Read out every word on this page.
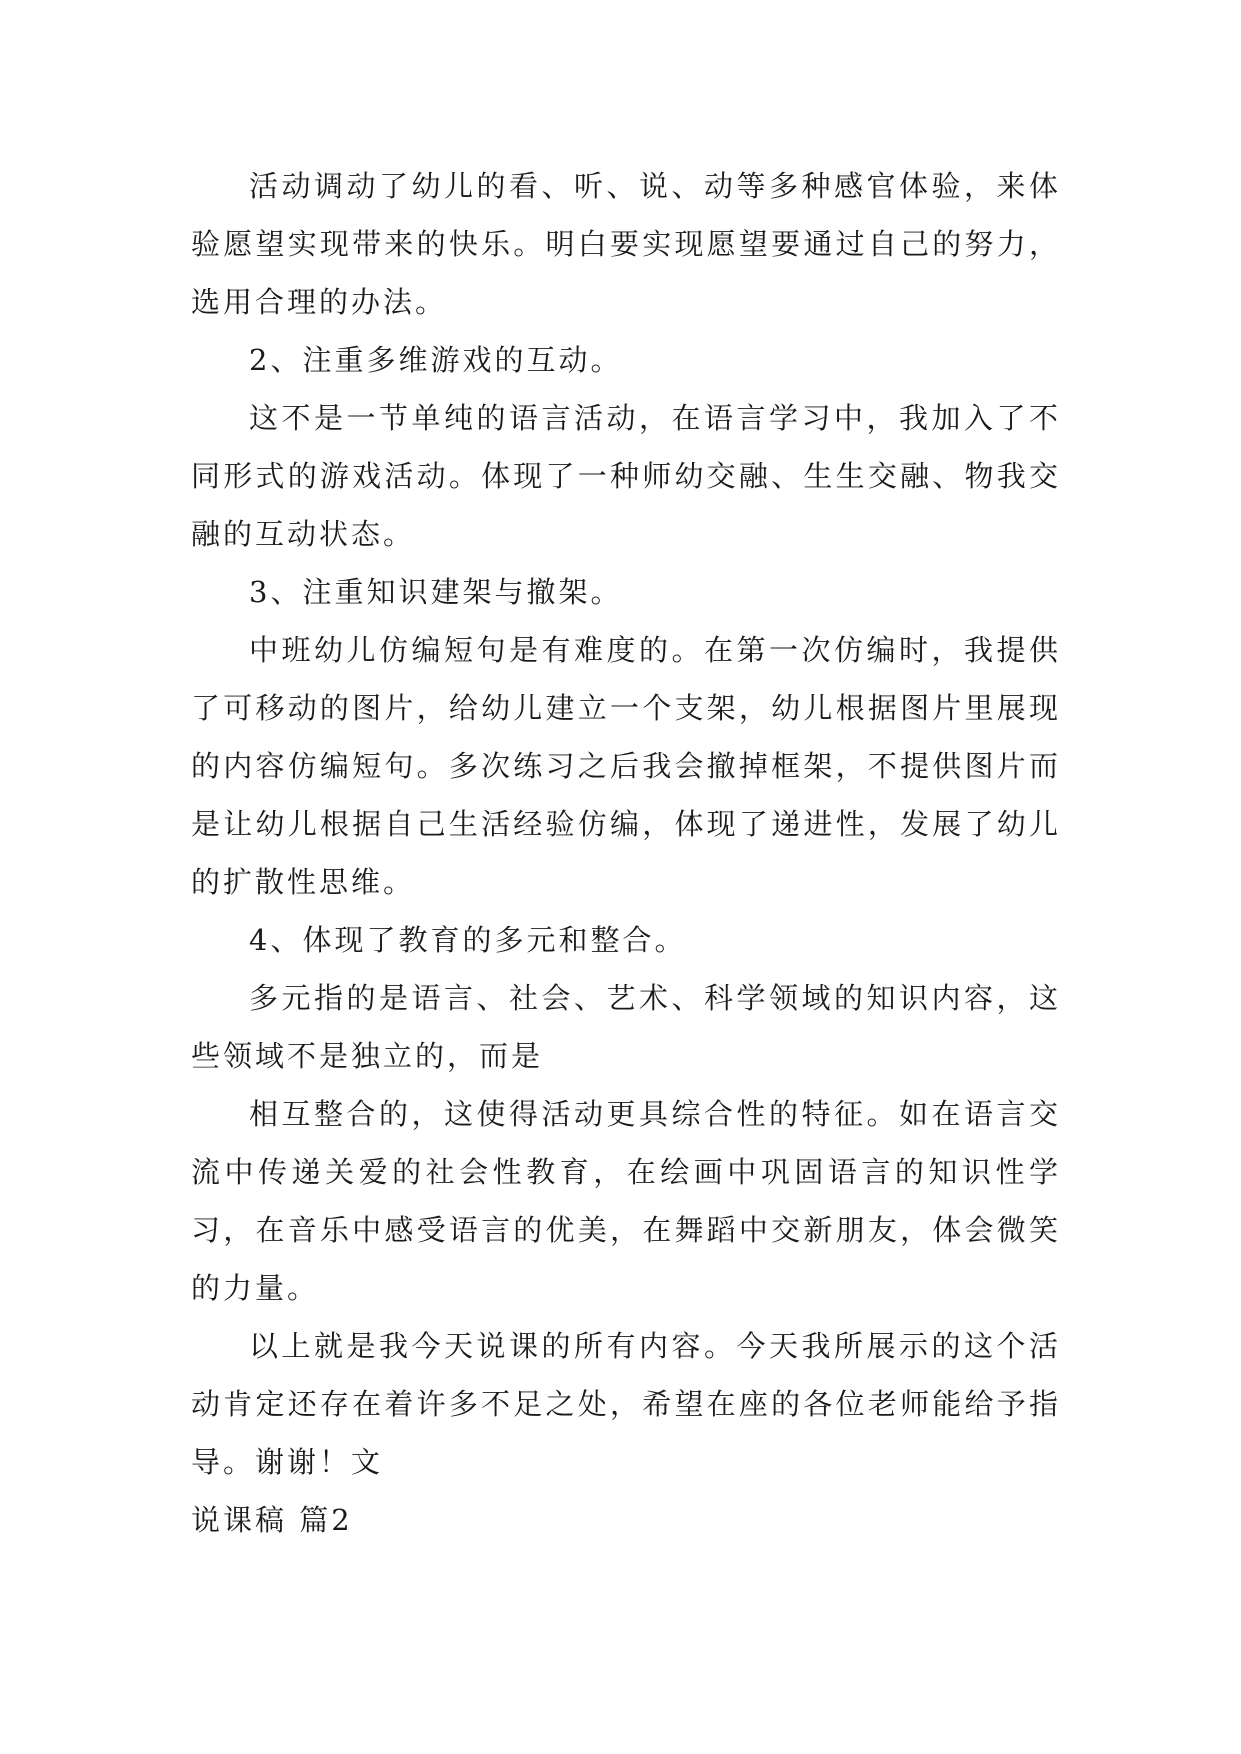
活动调动了幼儿的看、听、说、动等多种感官体验，来体验愿望实现带来的快乐。明白要实现愿望要通过自己的努力，选用合理的办法。

2、注重多维游戏的互动。

这不是一节单纯的语言活动，在语言学习中，我加入了不同形式的游戏活动。体现了一种师幼交融、生生交融、物我交融的互动状态。

3、注重知识建架与撤架。

中班幼儿仿编短句是有难度的。在第一次仿编时，我提供了可移动的图片，给幼儿建立一个支架，幼儿根据图片里展现的内容仿编短句。多次练习之后我会撤掉框架，不提供图片而是让幼儿根据自己生活经验仿编，体现了递进性，发展了幼儿的扩散性思维。

4、体现了教育的多元和整合。

多元指的是语言、社会、艺术、科学领域的知识内容，这些领域不是独立的，而是

相互整合的，这使得活动更具综合性的特征。如在语言交流中传递关爱的社会性教育，在绘画中巩固语言的知识性学习，在音乐中感受语言的优美，在舞蹈中交新朋友，体会微笑的力量。

以上就是我今天说课的所有内容。今天我所展示的这个活动肯定还存在着许多不足之处，希望在座的各位老师能给予指导。谢谢！文

说课稿 篇2
